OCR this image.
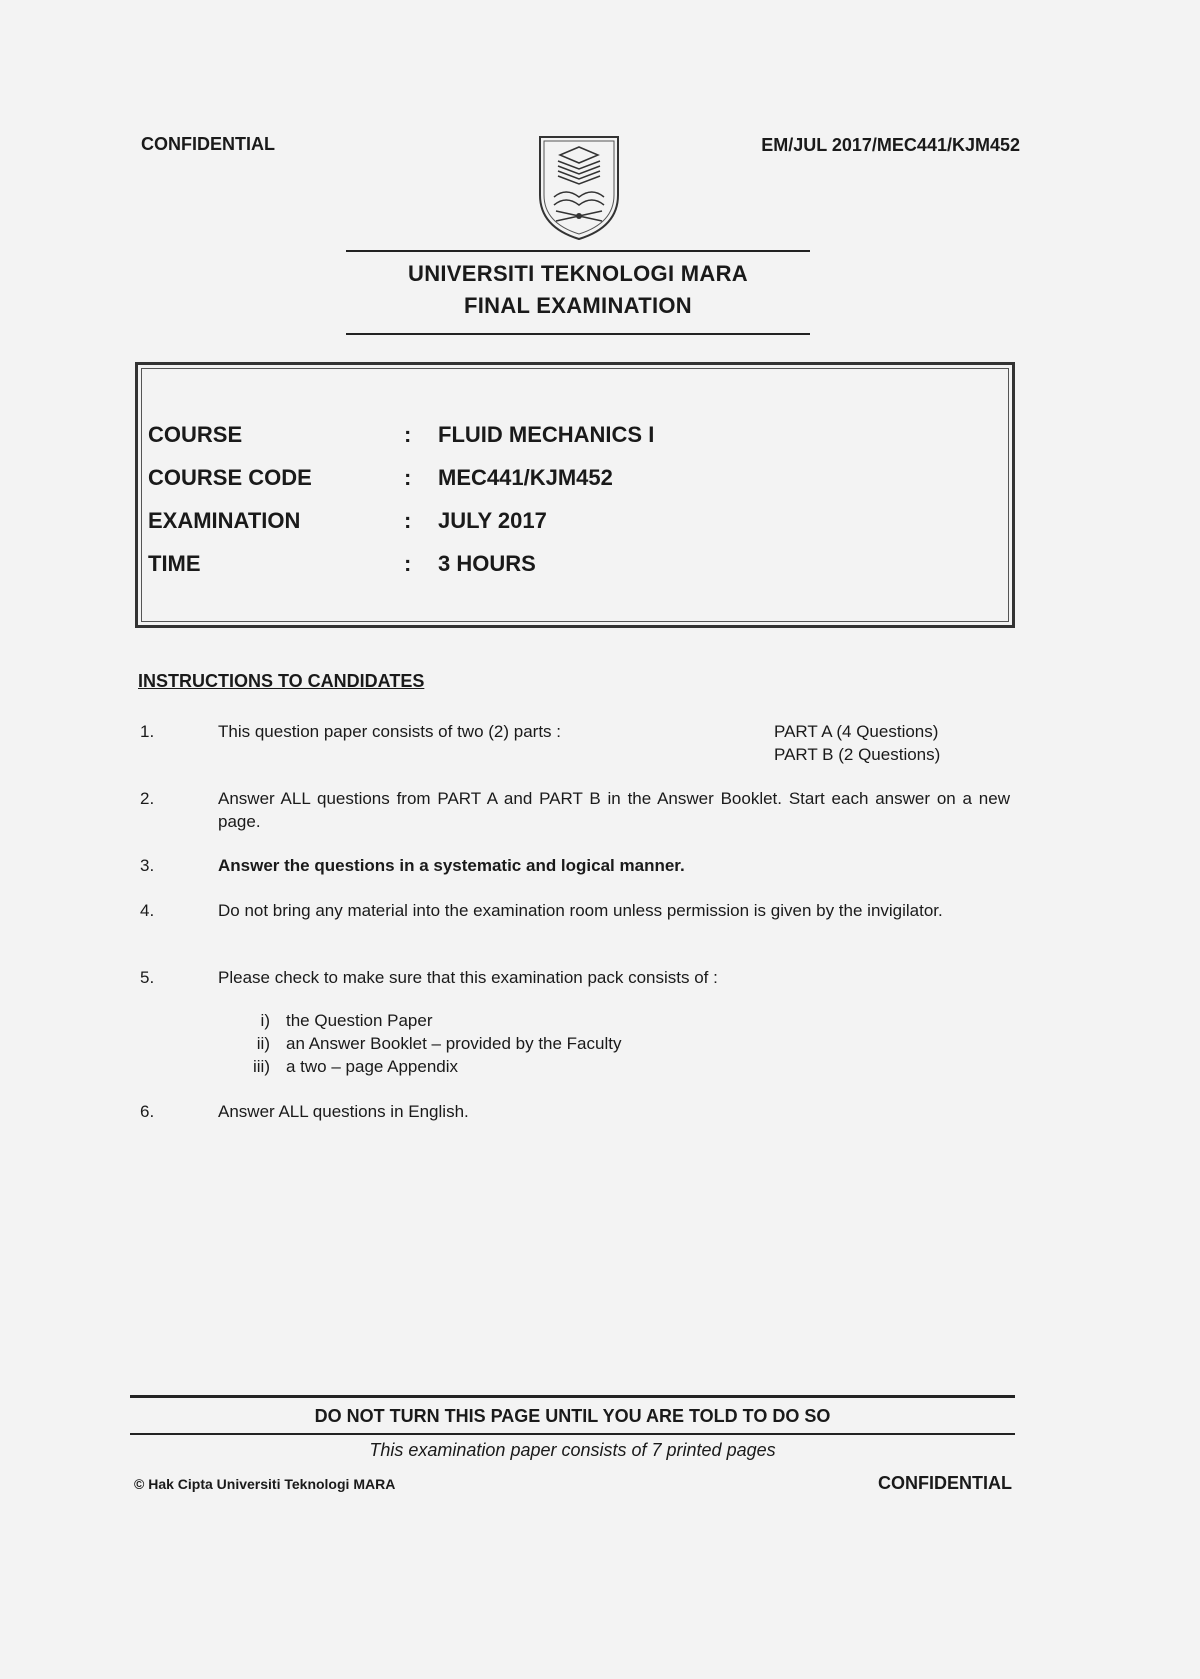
CONFIDENTIAL	EM/JUL 2017/MEC441/KJM452
UNIVERSITI TEKNOLOGI MARA
FINAL EXAMINATION
COURSE	: FLUID MECHANICS I
COURSE CODE	: MEC441/KJM452
EXAMINATION	: JULY 2017
TIME	: 3 HOURS
INSTRUCTIONS TO CANDIDATES
1.	This question paper consists of two (2) parts :	PART A (4 Questions)
PART B (2 Questions)
2.	Answer ALL questions from PART A and PART B in the Answer Booklet. Start each answer on a new page.
3.	Answer the questions in a systematic and logical manner.
4.	Do not bring any material into the examination room unless permission is given by the invigilator.
5.	Please check to make sure that this examination pack consists of :
i) the Question Paper
ii) an Answer Booklet – provided by the Faculty
iii) a two – page Appendix
6.	Answer ALL questions in English.
DO NOT TURN THIS PAGE UNTIL YOU ARE TOLD TO DO SO
This examination paper consists of 7 printed pages
© Hak Cipta Universiti Teknologi MARA	CONFIDENTIAL
